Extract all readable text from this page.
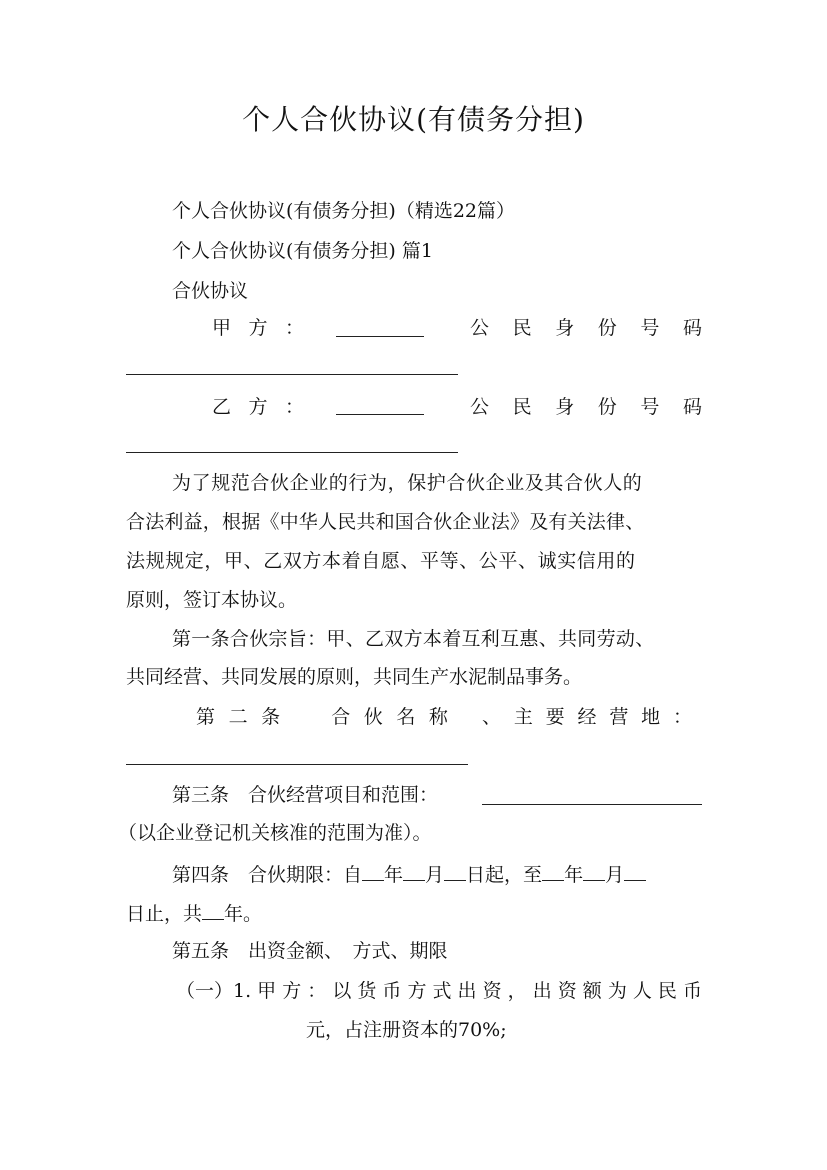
个人合伙协议(有债务分担)
个人合伙协议(有债务分担)（精选22篇）
个人合伙协议(有债务分担) 篇1
合伙协议
甲 方 ：	公 民 身 份 号 码
乙 方 ：	公 民 身 份 号 码
为了规范合伙企业的行为，保护合伙企业及其合伙人的
合法利益，根据《中华人民共和国合伙企业法》及有关法律、
法规规定，甲、乙双方本着自愿、平等、公平、诚实信用的
原则，签订本协议。
第一条合伙宗旨：甲、乙双方本着互利互惠、共同劳动、
共同经营、共同发展的原则，共同生产水泥制品事务。
第 二 条	合 伙 名 称 、 主 要 经 营 地 ：
第三条　合伙经营项目和范围：
（以企业登记机关核准的范围为准）。
第四条　合伙期限：自 年 月 日起，至 年 月
日止，共 年。
第五条　出资金额、　方式、期限
（一）1. 甲 方 ： 以 货 币 方 式 出 资 ， 出 资 额 为 人 民 币
元，占注册资本的70%;
